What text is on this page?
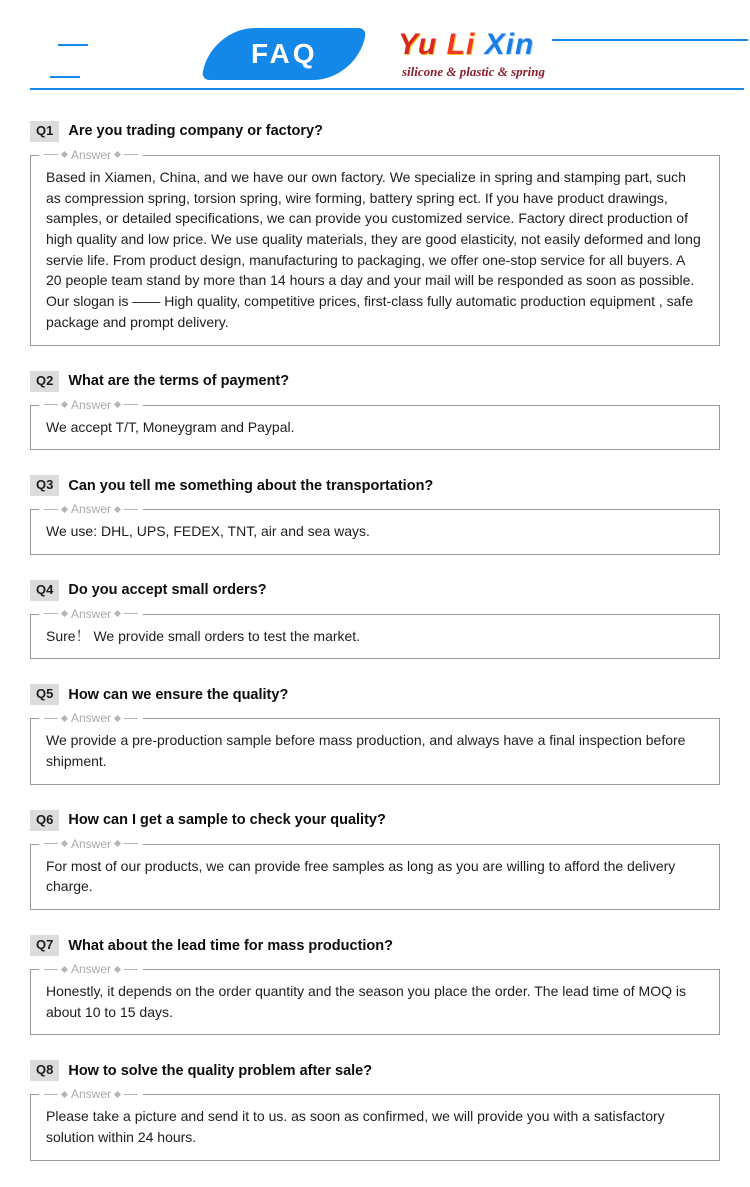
FAQ	Yu Li Xin
silicone & plastic & spring
Q1	Are you trading company or factory?
Answer

Based in Xiamen, China, and we have our own factory. We specialize in spring and stamping part, such as compression spring, torsion spring, wire forming, battery spring ect. If you have product drawings, samples, or detailed specifications, we can provide you customized service. Factory direct production of high quality and low price. We use quality materials, they are good elasticity, not easily deformed and long servie life. From product design, manufacturing to packaging, we offer one-stop service for all buyers. A 20 people team stand by more than 14 hours a day and your mail will be responded as soon as possible. Our slogan is —— High quality, competitive prices, first-class fully automatic production equipment , safe package and prompt delivery.

Q2	What are the terms of payment?
Answer

We accept T/T, Moneygram and Paypal.

Q3	Can you tell me something about the transportation?
Answer

We use: DHL, UPS, FEDEX, TNT, air and sea ways.

Q4	Do you accept small orders?
Answer

Sure！ We provide small orders to test the market.

Q5	How can we ensure the quality?
Answer

We provide a pre-production sample before mass production, and always have a final inspection before shipment.

Q6	How can I get a sample to check your quality?
Answer

For most of our products, we can provide free samples as long as you are willing to afford the delivery charge.

Q7	What about the lead time for mass production?
Answer

Honestly, it depends on the order quantity and the season you place the order. The lead time of MOQ is about 10 to 15 days.

Q8	How to solve the quality problem after sale?
Answer

Please take a picture and send it to us. as soon as confirmed, we will provide you with a satisfactory solution within 24 hours.
